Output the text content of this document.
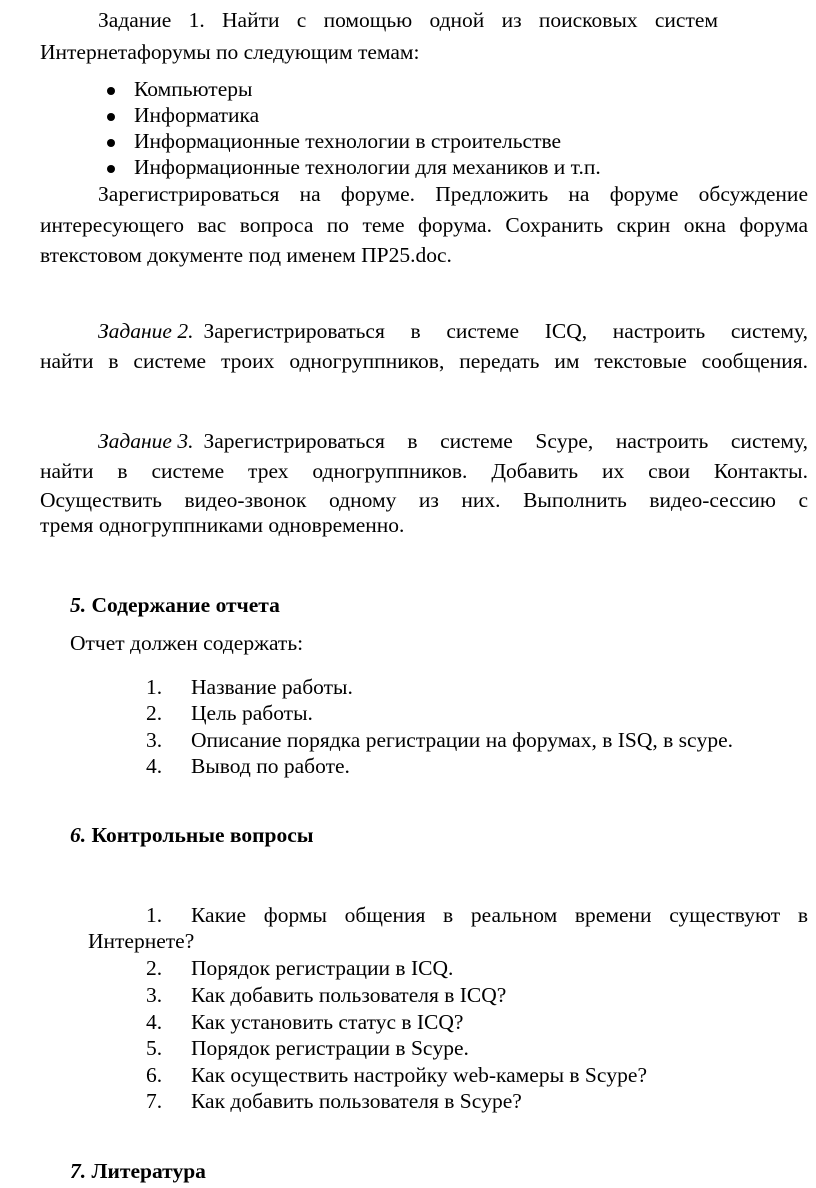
Задание 1. Найти с помощью одной из поисковых систем
Интернетафорумы по следующим темам:
Компьютеры
Информатика
Информационные технологии в строительстве
Информационные технологии для механиков и т.п.
Зарегистрироваться на форуме. Предложить на форуме обсуждение
интересующего вас вопроса по теме форума. Сохранить скрин окна форума
втекстовом документе под именем ПР25.doc.
Задание 2. Зарегистрироваться в системе ICQ, настроить систему,
найти в системе троих одногруппников, передать им текстовые сообщения.
Задание 3. Зарегистрироваться в системе Scype, настроить систему,
найти в системе трех одногруппников. Добавить их свои Контакты.
Осуществить видео-звонок одному из них. Выполнить видео-сессию с
тремя одногруппниками одновременно.
5. Содержание отчета
Отчет должен содержать:
1. Название работы.
2. Цель работы.
3. Описание порядка регистрации на форумах, в ISQ, в scype.
4. Вывод по работе.
6. Контрольные вопросы
1. Какие формы общения в реальном времени существуют в
Интернете?
2. Порядок регистрации в ICQ.
3. Как добавить пользователя в ICQ?
4. Как установить статус в ICQ?
5. Порядок регистрации в Scype.
6. Как осуществить настройку web-камеры в Scype?
7. Как добавить пользователя в Scype?
7. Литература
